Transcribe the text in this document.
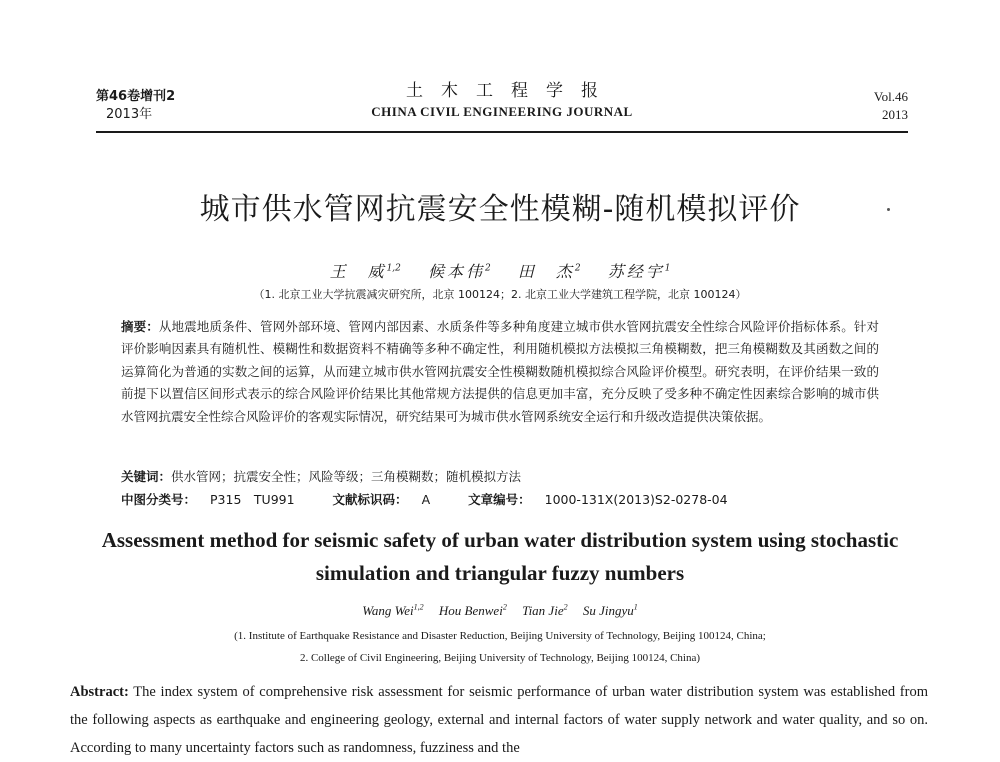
第46卷增刊2
2013年
土木工程学报
CHINA CIVIL ENGINEERING JOURNAL
Vol.46
2013
城市供水管网抗震安全性模糊-随机模拟评价
王　威$^{1,2}$ 候本伟$^2$ 田　杰$^2$ 苏经宇$^1$
（1. 北京工业大学抗震减灾研究所，北京 100124；2. 北京工业大学建筑工程学院，北京 100124）
摘要：从地震地质条件、管网外部环境、管网内部因素、水质条件等多种角度建立城市供水管网抗震安全性综合风险评价指标体系。针对评价影响因素具有随机性、模糊性和数据资料不精确等多种不确定性，利用随机模拟方法模拟三角模糊数，把三角模糊数及其函数之间的运算简化为普通的实数之间的运算，从而建立城市供水管网抗震安全性模糊数随机模拟综合风险评价模型。研究表明，在评价结果一致的前提下以置信区间形式表示的综合风险评价结果比其他常规方法提供的信息更加丰富，充分反映了受多种不确定性因素综合影响的城市供水管网抗震安全性综合风险评价的客观实际情况，研究结果可为城市供水管网系统安全运行和升级改造提供决策依据。
关键词：供水管网；抗震安全性；风险等级；三角模糊数；随机模拟方法
中图分类号： P315　TU991	文献标识码： A	文章编号： 1000-131X(2013)S2-0278-04
Assessment method for seismic safety of urban water distribution system using stochastic simulation and triangular fuzzy numbers
Wang Wei$^{1,2}$ Hou Benwei$^2$ Tian Jie$^2$ Su Jingyu$^1$
(1. Institute of Earthquake Resistance and Disaster Reduction, Beijing University of Technology, Beijing 100124, China;
2. College of Civil Engineering, Beijing University of Technology, Beijing 100124, China)
Abstract: The index system of comprehensive risk assessment for seismic performance of urban water distribution system was established from the following aspects as earthquake and engineering geology, external and internal factors of water supply network and water quality, and so on. According to many uncertainty factors such as randomness, fuzziness and the
